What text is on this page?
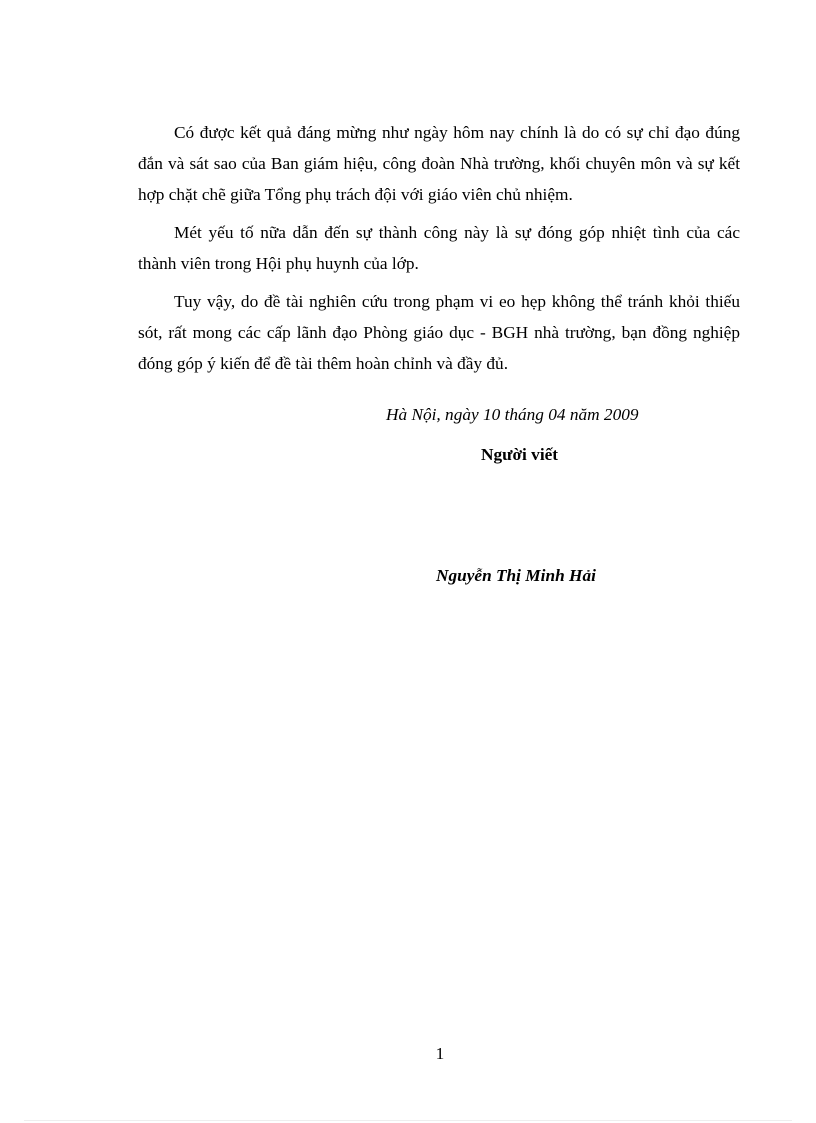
Có được kết quả đáng mừng như ngày hôm nay chính là do có sự chỉ đạo đúng đắn và sát sao của Ban giám hiệu, công đoàn Nhà trường, khối chuyên môn và sự kết hợp chặt chẽ giữa Tổng phụ trách đội với giáo viên chủ nhiệm.

Mét yếu tố nữa dẫn đến sự thành công này là sự đóng góp nhiệt tình của các thành viên trong Hội phụ huynh của lớp.

Tuy vậy, do đề tài nghiên cứu trong phạm vi eo hẹp không thể tránh khỏi thiếu sót, rất mong các cấp lãnh đạo Phòng giáo dục - BGH nhà trường, bạn đồng nghiệp đóng góp ý kiến để đề tài thêm hoàn chỉnh và đầy đủ.

Hà Nội, ngày 10 tháng 04 năm 2009
Người viết
Nguyễn Thị Minh Hải
1
